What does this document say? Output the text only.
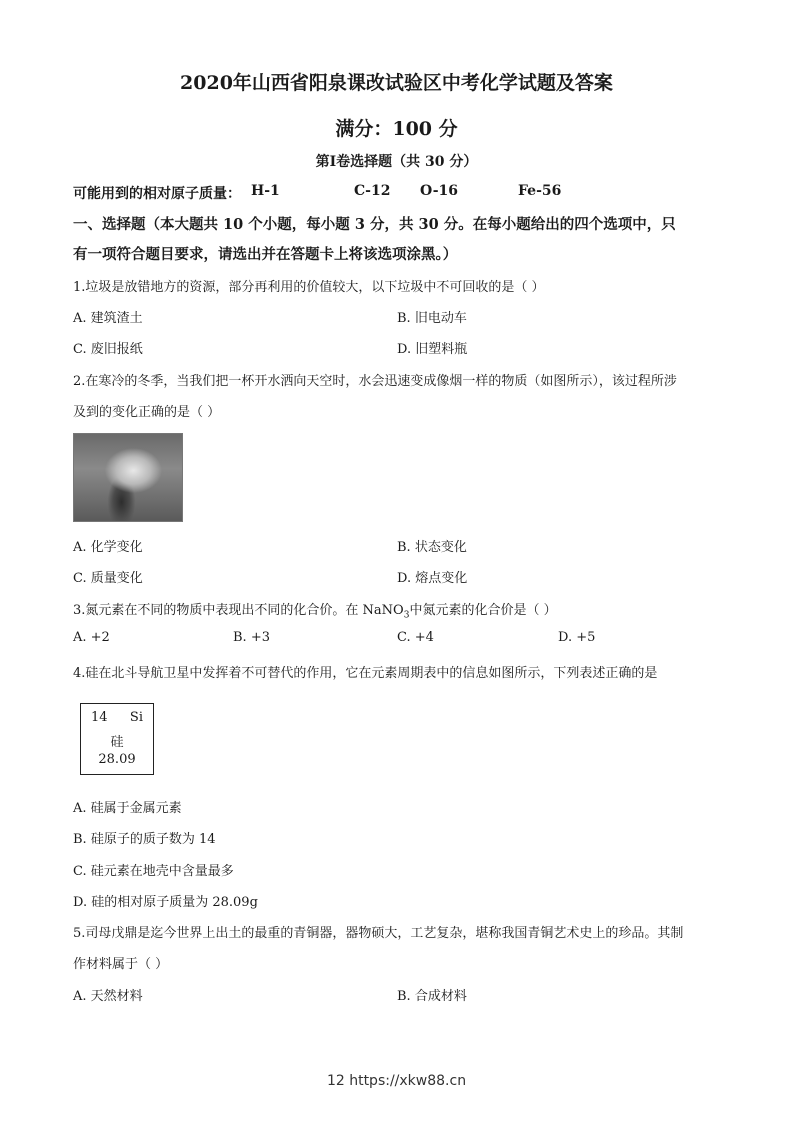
2020年山西省阳泉课改试验区中考化学试题及答案
满分：100 分
第Ⅰ卷选择题（共 30 分）
可能用到的相对原子质量： H-1	C-12 O-16	Fe-56
一、选择题（本大题共 10 个小题，每小题 3 分，共 30 分。在每小题给出的四个选项中，只
有一项符合题目要求，请选出并在答题卡上将该选项涂黑。）
1.垃圾是放错地方的资源，部分再利用的价值较大，以下垃圾中不可回收的是（ ）
A. 建筑渣土	B. 旧电动车
C. 废旧报纸	D. 旧塑料瓶
2.在寒冷的冬季，当我们把一杯开水洒向天空时，水会迅速变成像烟一样的物质（如图所示），该过程所涉
及到的变化正确的是（ ）
A. 化学变化	B. 状态变化
C. 质量变化	D. 熔点变化
3.氮元素在不同的物质中表现出不同的化合价。在 NaNO$_3$中氮元素的化合价是（ ）
A. +2	B. +3	C. +4	D. +5
4.硅在北斗导航卫星中发挥着不可替代的作用，它在元素周期表中的信息如图所示，下列表述正确的是
14 Si
硅
28.09
A. 硅属于金属元素
B. 硅原子的质子数为 14
C. 硅元素在地壳中含量最多
D. 硅的相对原子质量为 28.09g
5.司母戊鼎是迄今世界上出土的最重的青铜器，器物硕大，工艺复杂，堪称我国青铜艺术史上的珍品。其制
作材料属于（ ）
A. 天然材料	B. 合成材料
12 https://xkw88.cn
